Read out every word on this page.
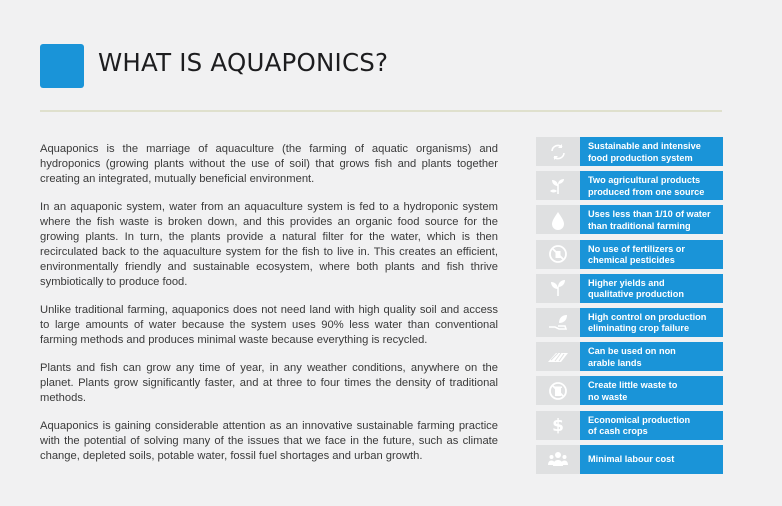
WHAT IS AQUAPONICS?

Aquaponics is the marriage of aquaculture (the farming of aquatic organisms) and hydroponics (growing plants without the use of soil) that grows fish and plants together creating an integrated, mutually beneficial environment.

In an aquaponic system, water from an aquaculture system is fed to a hydroponic system where the fish waste is broken down, and this provides an organic food source for the growing plants. In turn, the plants provide a natural filter for the water, which is then recirculated back to the aquaculture system for the fish to live in. This creates an efficient, environmentally friendly and sustainable ecosystem, where both plants and fish thrive symbiotically to produce food.

Unlike traditional farming, aquaponics does not need land with high quality soil and access to large amounts of water because the system uses 90% less water than conventional farming methods and produces minimal waste because everything is recycled.

Plants and fish can grow any time of year, in any weather conditions, anywhere on the planet. Plants grow significantly faster, and at three to four times the density of traditional methods.

Aquaponics is gaining considerable attention as an innovative sustainable farming practice with the potential of solving many of the issues that we face in the future, such as climate change, depleted soils, potable water, fossil fuel shortages and urban growth.

Sustainable and intensive
food production system
Two agricultural products
produced from one source
Uses less than 1/10 of water
than traditional farming
No use of fertilizers or
chemical pesticides
Higher yields and
qualitative production
High control on production
eliminating crop failure
Can be used on non
arable lands
Create little waste to
no waste
$	Economical production
of cash crops
Minimal labour cost
